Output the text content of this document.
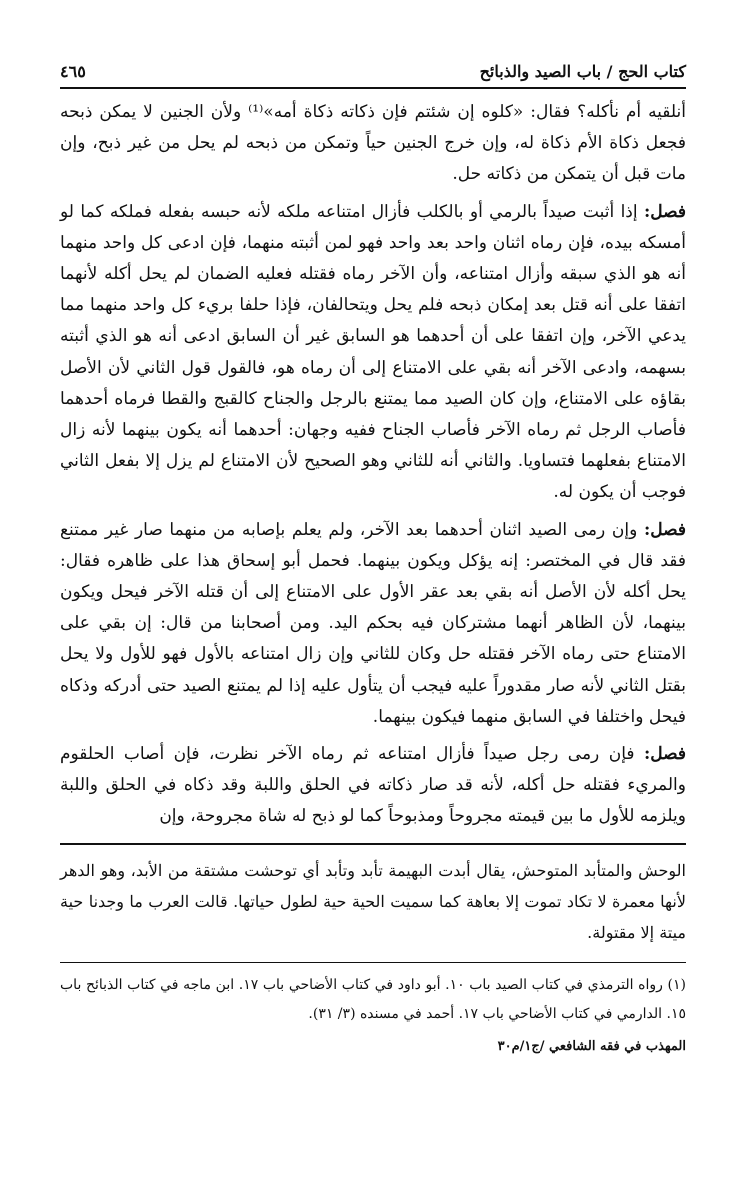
كتاب الحج / باب الصيد والذبائح
٤٦٥

أنلقيه أم نأكله؟ فقال: «كلوه إن شئتم فإن ذكاته ذكاة أمه»⁽¹⁾ ولأن الجنين لا يمكن ذبحه فجعل ذكاة الأم ذكاة له، وإن خرج الجنين حياً وتمكن من ذبحه لم يحل من غير ذبح، وإن مات قبل أن يتمكن من ذكاته حل.

فصل: إذا أثبت صيداً بالرمي أو بالكلب فأزال امتناعه ملكه لأنه حبسه بفعله فملكه كما لو أمسكه بيده، فإن رماه اثنان واحد بعد واحد فهو لمن أثبته منهما، فإن ادعى كل واحد منهما أنه هو الذي سبقه وأزال امتناعه، وأن الآخر رماه فقتله فعليه الضمان لم يحل أكله لأنهما اتفقا على أنه قتل بعد إمكان ذبحه فلم يحل ويتحالفان، فإذا حلفا بريء كل واحد منهما مما يدعي الآخر، وإن اتفقا على أن أحدهما هو السابق غير أن السابق ادعى أنه هو الذي أثبته بسهمه، وادعى الآخر أنه بقي على الامتناع إلى أن رماه هو، فالقول قول الثاني لأن الأصل بقاؤه على الامتناع، وإن كان الصيد مما يمتنع بالرجل والجناح كالقبج والقطا فرماه أحدهما فأصاب الرجل ثم رماه الآخر فأصاب الجناح ففيه وجهان: أحدهما أنه يكون بينهما لأنه زال الامتناع بفعلهما فتساويا. والثاني أنه للثاني وهو الصحيح لأن الامتناع لم يزل إلا بفعل الثاني فوجب أن يكون له.

فصل: وإن رمى الصيد اثنان أحدهما بعد الآخر، ولم يعلم بإصابه من منهما صار غير ممتنع فقد قال في المختصر: إنه يؤكل ويكون بينهما. فحمل أبو إسحاق هذا على ظاهره فقال: يحل أكله لأن الأصل أنه بقي بعد عقر الأول على الامتناع إلى أن قتله الآخر فيحل ويكون بينهما، لأن الظاهر أنهما مشتركان فيه بحكم اليد. ومن أصحابنا من قال: إن بقي على الامتناع حتى رماه الآخر فقتله حل وكان للثاني وإن زال امتناعه بالأول فهو للأول ولا يحل بقتل الثاني لأنه صار مقدوراً عليه فيجب أن يتأول عليه إذا لم يمتنع الصيد حتى أدركه وذكاه فيحل واختلفا في السابق منهما فيكون بينهما.

فصل: فإن رمى رجل صيداً فأزال امتناعه ثم رماه الآخر نظرت، فإن أصاب الحلقوم والمريء فقتله حل أكله، لأنه قد صار ذكاته في الحلق واللبة وقد ذكاه في الحلق واللبة ويلزمه للأول ما بين قيمته مجروحاً ومذبوحاً كما لو ذبح له شاة مجروحة، وإن

الوحش والمتأبد المتوحش، يقال أبدت البهيمة تأبد وتأبد أي توحشت مشتقة من الأبد، وهو الدهر لأنها معمرة لا تكاد تموت إلا بعاهة كما سميت الحية حية لطول حياتها. قالت العرب ما وجدنا حية ميتة إلا مقتولة.
(١) رواه الترمذي في كتاب الصيد باب ١٠. أبو داود في كتاب الأضاحي باب ١٧. ابن ماجه في كتاب الذبائح باب ١٥. الدارمي في كتاب الأضاحي باب ١٧. أحمد في مسنده (٣/ ٣١).
المهذب في فقه الشافعي /ج١/م٣٠
